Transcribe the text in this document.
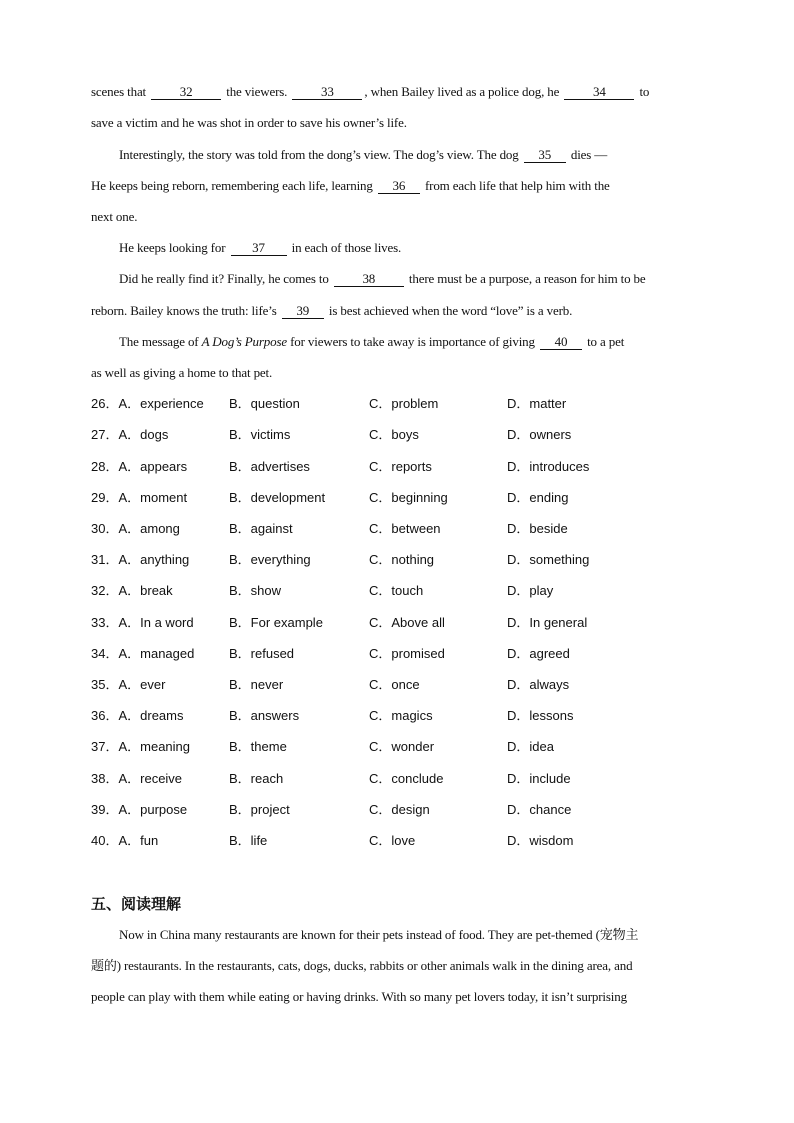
scenes that	32	the viewers.	33 , when Bailey lived as a police dog, he	34	to
save a victim and he was shot in order to save his owner’s life.
Interestingly, the story was told from the dong’s view. The dog’s view. The dog 35 dies —
He keeps being reborn, remembering each life, learning 36 from each life that help him with the
next one.
He keeps looking for 37 in each of those lives.
Did he really find it? Finally, he comes to	38	there must be a purpose, a reason for him to be
reborn. Bailey knows the truth: life’s 39 is best achieved when the word “love” is a verb.
The message of A Dog’s Purpose for viewers to take away is importance of giving 40 to a pet
as well as giving a home to that pet.
26．A．experience B．question	C．problem	D．matter
27．A．dogs	B．victims	C．boys	D．owners
28．A．appears	B．advertises	C．reports	D．introduces
29．A．moment	B．development	C．beginning	D．ending
30．A．among	B．against	C．between	D．beside
31．A．anything	B．everything	C．nothing	D．something
32．A．break	B．show	C．touch	D．play
33．A．In a word	B．For example	C．Above all	D．In general
34．A．managed	B．refused	C．promised	D．agreed
35．A．ever	B．never	C．once	D．always
36．A．dreams	B．answers	C．magics	D．lessons
37．A．meaning	B．theme	C．wonder	D．idea
38．A．receive	B．reach	C．conclude	D．include
39．A．purpose	B．project	C．design	D．chance
40．A．fun	B．life	C．love	D．wisdom
五、阅读理解
Now in China many restaurants are known for their pets instead of food. They are pet-themed (宠物主
题的) restaurants. In the restaurants, cats, dogs, ducks, rabbits or other animals walk in the dining area, and
people can play with them while eating or having drinks. With so many pet lovers today, it isn’t surprising
